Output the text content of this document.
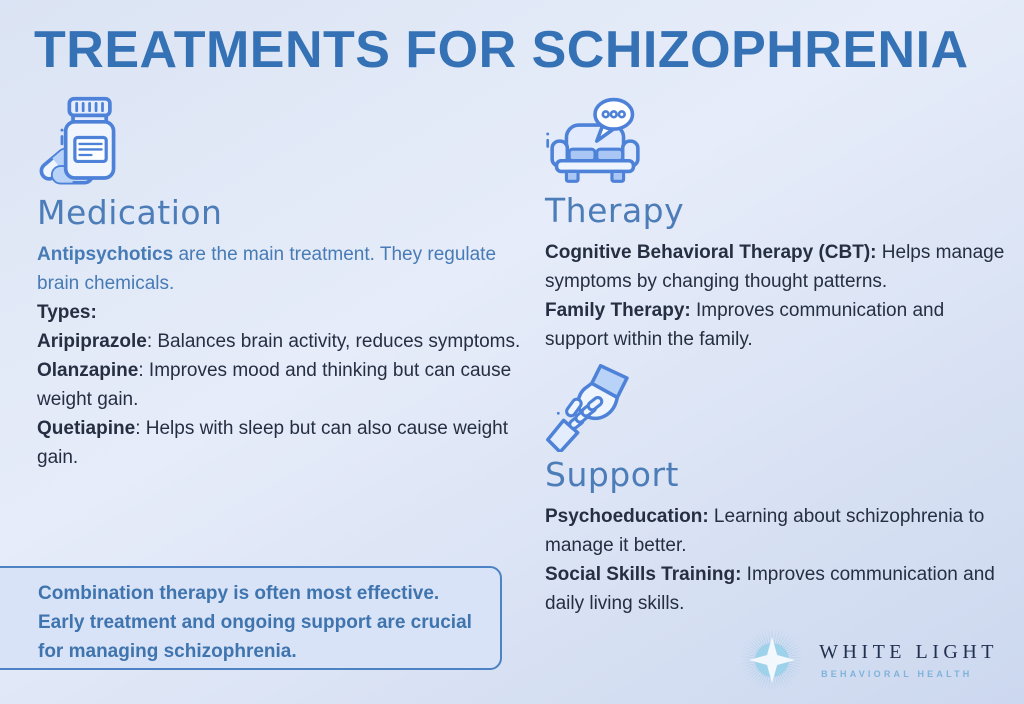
TREATMENTS FOR SCHIZOPHRENIA
Medication

Antipsychotics are the main treatment. They regulate brain chemicals.

Types:

Aripiprazole: Balances brain activity, reduces symptoms.

Olanzapine: Improves mood and thinking but can cause weight gain.

Quetiapine: Helps with sleep but can also cause weight gain.

Therapy

Cognitive Behavioral Therapy (CBT): Helps manage symptoms by changing thought patterns.

Family Therapy: Improves communication and support within the family.

Support

Psychoeducation: Learning about schizophrenia to manage it better.

Social Skills Training: Improves communication and daily living skills.

Combination therapy is often most effective. Early treatment and ongoing support are crucial for managing schizophrenia.	WHITE LIGHT
BEHAVIORAL HEALTH
